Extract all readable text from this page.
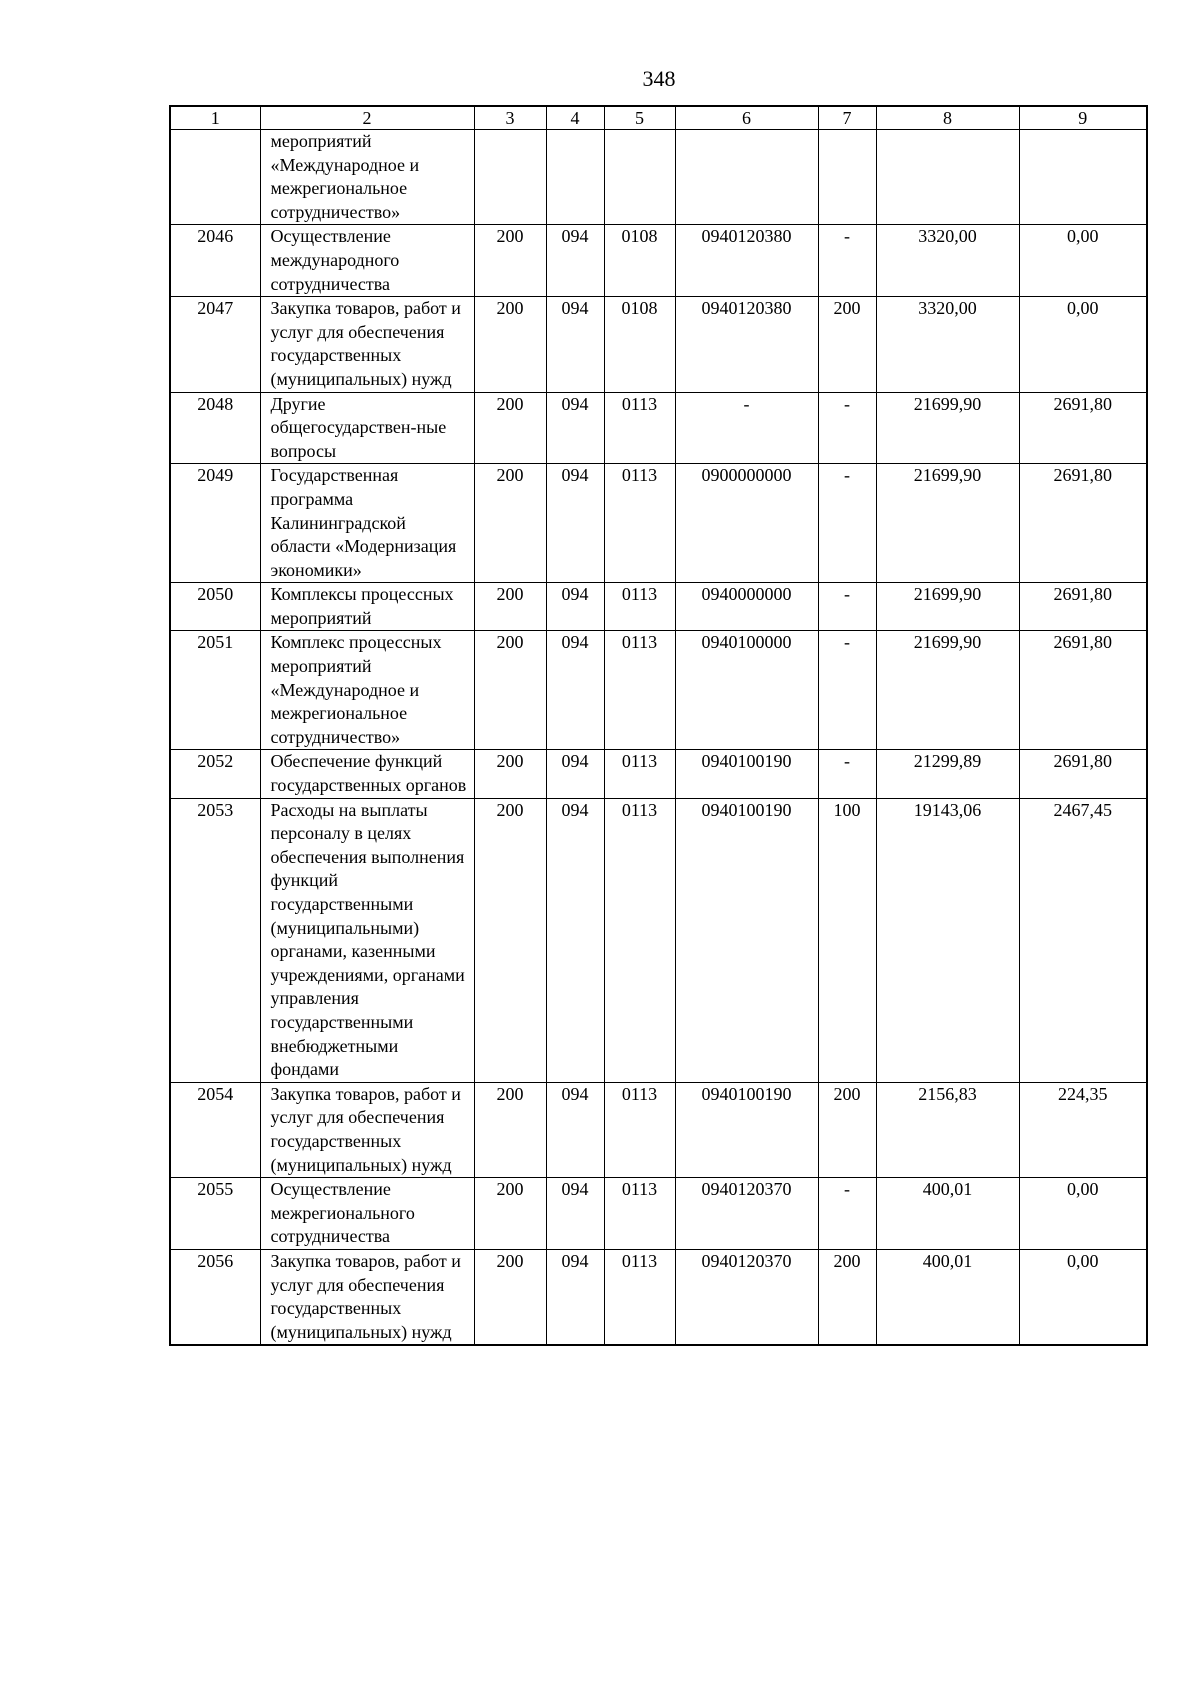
348
1	2	3	4	5	6	7	8	9
	мероприятий «Международное и межрегиональное сотрудничество»							
2046	Осуществление международного сотрудничества	200	094	0108	0940120380	-	3320,00	0,00
2047	Закупка товаров, работ и услуг для обеспечения государственных (муниципальных) нужд	200	094	0108	0940120380	200	3320,00	0,00
2048	Другие общегосударствен-ные вопросы	200	094	0113	-	-	21699,90	2691,80
2049	Государственная программа Калининградской области «Модернизация экономики»	200	094	0113	0900000000	-	21699,90	2691,80
2050	Комплексы процессных мероприятий	200	094	0113	0940000000	-	21699,90	2691,80
2051	Комплекс процессных мероприятий «Международное и межрегиональное сотрудничество»	200	094	0113	0940100000	-	21699,90	2691,80
2052	Обеспечение функций государственных органов	200	094	0113	0940100190	-	21299,89	2691,80
2053	Расходы на выплаты персоналу в целях обеспечения выполнения функций государственными (муниципальными) органами, казенными учреждениями, органами управления государственными внебюджетными фондами	200	094	0113	0940100190	100	19143,06	2467,45
2054	Закупка товаров, работ и услуг для обеспечения государственных (муниципальных) нужд	200	094	0113	0940100190	200	2156,83	224,35
2055	Осуществление межрегионального сотрудничества	200	094	0113	0940120370	-	400,01	0,00
2056	Закупка товаров, работ и услуг для обеспечения государственных (муниципальных) нужд	200	094	0113	0940120370	200	400,01	0,00
